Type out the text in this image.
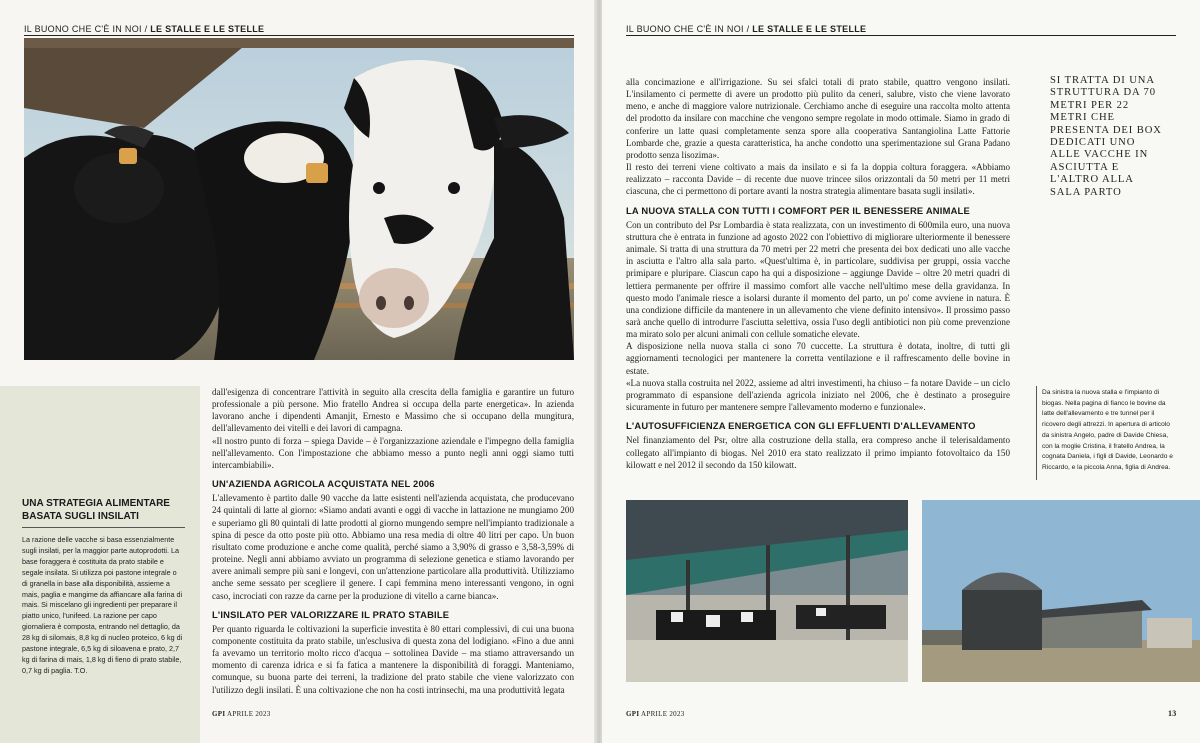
IL BUONO CHE C'È IN NOI / LE STALLE E LE STELLE
UNA STRATEGIA ALIMENTARE BASATA SUGLI INSILATI
La razione delle vacche si basa essenzialmente sugli insilati, per la maggior parte autoprodotti. La base foraggera è costituita da prato stabile e segale insilata. Si utilizza poi pastone integrale o di granella in base alla disponibilità, assieme a mais, paglia e mangime da affiancare alla farina di mais. Si miscelano gli ingredienti per preparare il piatto unico, l'unifeed. La razione per capo giornaliera è composta, entrando nel dettaglio, da 28 kg di silomais, 8,8 kg di nucleo proteico, 6 kg di pastone integrale, 6,5 kg di siloavena e prato, 2,7 kg di farina di mais, 1,8 kg di fieno di prato stabile, 0,7 kg di paglia. T.O.

dall'esigenza di concentrare l'attività in seguito alla crescita della famiglia e garantire un futuro professionale a più persone. Mio fratello Andrea si occupa della parte energetica». In azienda lavorano anche i dipendenti Amanjit, Ernesto e Massimo che si occupano della mungitura, dell'allevamento dei vitelli e dei lavori di campagna.

«Il nostro punto di forza – spiega Davide – è l'organizzazione aziendale e l'impegno della famiglia nell'allevamento. Con l'impostazione che abbiamo messo a punto negli anni oggi siamo tutti intercambiabili».

UN'AZIENDA AGRICOLA ACQUISTATA NEL 2006

L'allevamento è partito dalle 90 vacche da latte esistenti nell'azienda acquistata, che producevano 24 quintali di latte al giorno: «Siamo andati avanti e oggi di vacche in lattazione ne mungiamo 200 e superiamo gli 80 quintali di latte prodotti al giorno mungendo sempre nell'impianto tradizionale a spina di pesce da otto poste più otto. Abbiamo una resa media di oltre 40 litri per capo. Un buon risultato come produzione e anche come qualità, perché siamo a 3,90% di grasso e 3,58-3,59% di proteine. Negli anni abbiamo avviato un programma di selezione genetica e stiamo lavorando per avere animali sempre più sani e longevi, con un'attenzione particolare alla produttività. Utilizziamo anche seme sessato per scegliere il genere. I capi femmina meno interessanti vengono, in ogni caso, incrociati con razze da carne per la produzione di vitello a carne bianca».

L'INSILATO PER VALORIZZARE IL PRATO STABILE

Per quanto riguarda le coltivazioni la superficie investita è 80 ettari complessivi, di cui una buona componente costituita da prato stabile, un'esclusiva di questa zona del lodigiano. «Fino a due anni fa avevamo un territorio molto ricco d'acqua – sottolinea Davide – ma stiamo attraversando un momento di carenza idrica e si fa fatica a mantenere la disponibilità di foraggi. Manteniamo, comunque, su buona parte dei terreni, la tradizione del prato stabile che viene valorizzato con l'utilizzo degli insilati. È una coltivazione che non ha costi intrinsechi, ma una produttività legata

GPI APRILE 2023
IL BUONO CHE C'È IN NOI / LE STALLE E LE STELLE

alla concimazione e all'irrigazione. Su sei sfalci totali di prato stabile, quattro vengono insilati. L'insilamento ci permette di avere un prodotto più pulito da ceneri, salubre, visto che viene lavorato meno, e anche di maggiore valore nutrizionale. Cerchiamo anche di eseguire una raccolta molto attenta del prodotto da insilare con macchine che vengono sempre regolate in modo ottimale. Siamo in grado di conferire un latte quasi completamente senza spore alla cooperativa Santangiolina Latte Fattorie Lombarde che, grazie a questa caratteristica, ha anche condotto una sperimentazione sul Grana Padano prodotto senza lisozima».

Il resto dei terreni viene coltivato a mais da insilato e si fa la doppia coltura foraggera. «Abbiamo realizzato – racconta Davide – di recente due nuove trincee silos orizzontali da 50 metri per 11 metri ciascuna, che ci permettono di portare avanti la nostra strategia alimentare basata sugli insilati».

LA NUOVA STALLA CON TUTTI I COMFORT PER IL BENESSERE ANIMALE

Con un contributo del Psr Lombardia è stata realizzata, con un investimento di 600mila euro, una nuova struttura che è entrata in funzione ad agosto 2022 con l'obiettivo di migliorare ulteriormente il benessere animale. Si tratta di una struttura da 70 metri per 22 metri che presenta dei box dedicati uno alle vacche in asciutta e l'altro alla sala parto. «Quest'ultima è, in particolare, suddivisa per gruppi, ossia vacche primipare e pluripare. Ciascun capo ha qui a disposizione – aggiunge Davide – oltre 20 metri quadri di lettiera permanente per offrire il massimo comfort alle vacche nell'ultimo mese della gravidanza. In questo modo l'animale riesce a isolarsi durante il momento del parto, un po' come avviene in natura. È una condizione difficile da mantenere in un allevamento che viene definito intensivo». Il prossimo passo sarà anche quello di introdurre l'asciutta selettiva, ossia l'uso degli antibiotici non più come prevenzione ma mirato solo per alcuni animali con cellule somatiche elevate.

A disposizione nella nuova stalla ci sono 70 cuccette. La struttura è dotata, inoltre, di tutti gli aggiornamenti tecnologici per mantenere la corretta ventilazione e il raffrescamento delle bovine in estate.

«La nuova stalla costruita nel 2022, assieme ad altri investimenti, ha chiuso – fa notare Davide – un ciclo programmato di espansione dell'azienda agricola iniziato nel 2006, che è destinato a proseguire sicuramente in futuro per mantenere sempre l'allevamento moderno e funzionale».

L'AUTOSUFFICIENZA ENERGETICA CON GLI EFFLUENTI D'ALLEVAMENTO

Nel finanziamento del Psr, oltre alla costruzione della stalla, era compreso anche il telerisaldamento collegato all'impianto di biogas. Nel 2010 era stato realizzato il primo impianto fotovoltaico da 150 kilowatt e nel 2012 il secondo da 150 kilowatt.

SI TRATTA DI UNA STRUTTURA DA 70 METRI PER 22 METRI CHE PRESENTA DEI BOX DEDICATI UNO ALLE VACCHE IN ASCIUTTA E L'ALTRO ALLA SALA PARTO
Da sinistra la nuova stalla e l'impianto di biogas. Nella pagina di fianco le bovine da latte dell'allevamento e tre tunnel per il ricovero degli attrezzi. In apertura di articolo da sinistra Angelo, padre di Davide Chiesa, con la moglie Cristina, il fratello Andrea, la cognata Daniela, i figli di Davide, Leonardo e Riccardo, e la piccola Anna, figlia di Andrea.
GPI APRILE 2023	13
